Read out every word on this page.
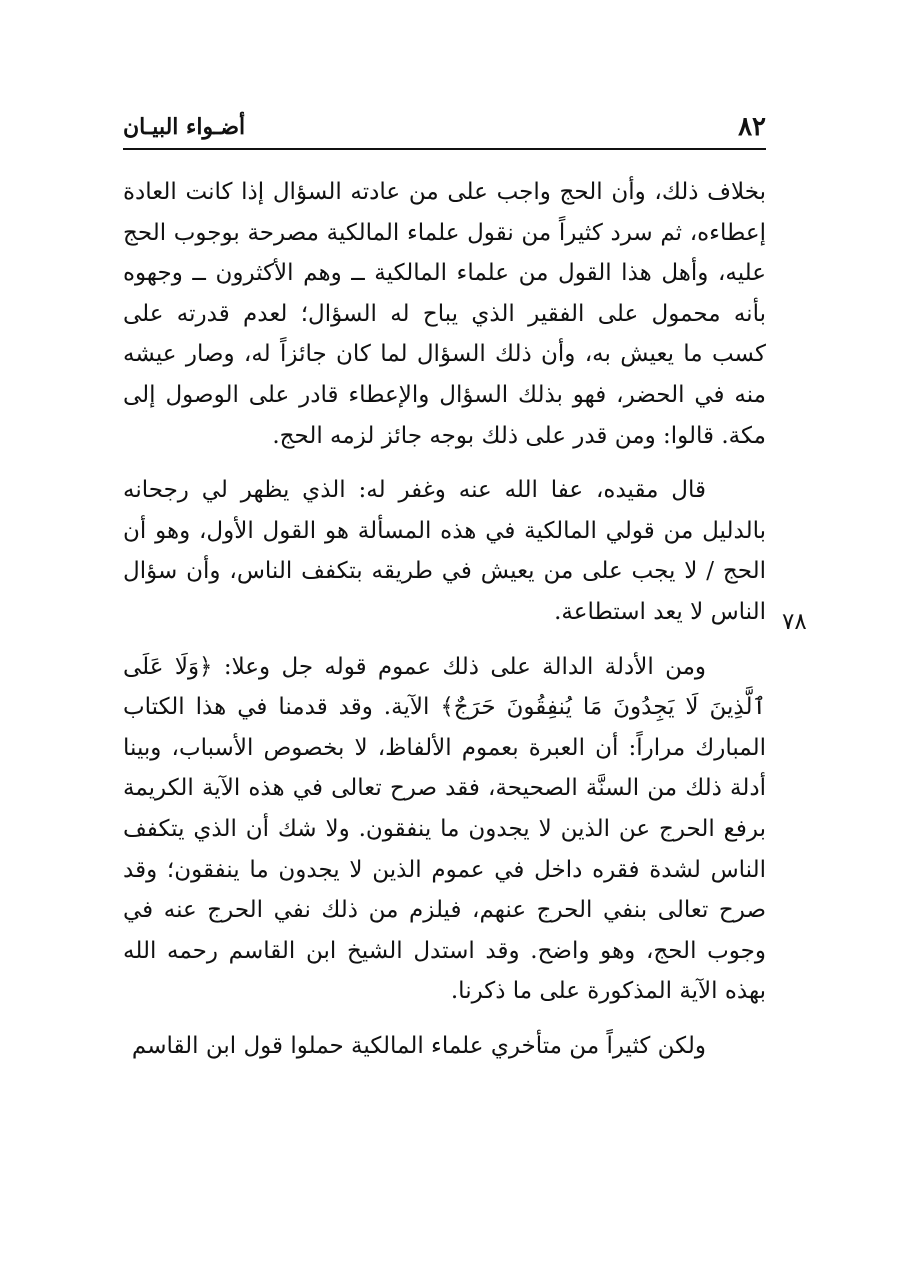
٨٢
أضـواء البيـان
٧٨

بخلاف ذلك، وأن الحج واجب على من عادته السؤال إذا كانت العادة إعطاءه، ثم سرد كثيراً من نقول علماء المالكية مصرحة بوجوب الحج عليه، وأهل هذا القول من علماء المالكية ــ وهم الأكثرون ــ وجهوه بأنه محمول على الفقير الذي يباح له السؤال؛ لعدم قدرته على كسب ما يعيش به، وأن ذلك السؤال لما كان جائزاً له، وصار عيشه منه في الحضر، فهو بذلك السؤال والإعطاء قادر على الوصول إلى مكة. قالوا: ومن قدر على ذلك بوجه جائز لزمه الحج.

قال مقيده، عفا الله عنه وغفر له: الذي يظهر لي رجحانه بالدليل من قولي المالكية في هذه المسألة هو القول الأول، وهو أن الحج / لا يجب على من يعيش في طريقه بتكفف الناس، وأن سؤال الناس لا يعد استطاعة.

ومن الأدلة الدالة على ذلك عموم قوله جل وعلا: ﴿وَلَا عَلَى ٱلَّذِينَ لَا يَجِدُونَ مَا يُنفِقُونَ حَرَجٌ﴾ الآية. وقد قدمنا في هذا الكتاب المبارك مراراً: أن العبرة بعموم الألفاظ، لا بخصوص الأسباب، وبينا أدلة ذلك من السنَّة الصحيحة، فقد صرح تعالى في هذه الآية الكريمة برفع الحرج عن الذين لا يجدون ما ينفقون. ولا شك أن الذي يتكفف الناس لشدة فقره داخل في عموم الذين لا يجدون ما ينفقون؛ وقد صرح تعالى بنفي الحرج عنهم، فيلزم من ذلك نفي الحرج عنه في وجوب الحج، وهو واضح. وقد استدل الشيخ ابن القاسم رحمه الله بهذه الآية المذكورة على ما ذكرنا.

ولكن كثيراً من متأخري علماء المالكية حملوا قول ابن القاسم
